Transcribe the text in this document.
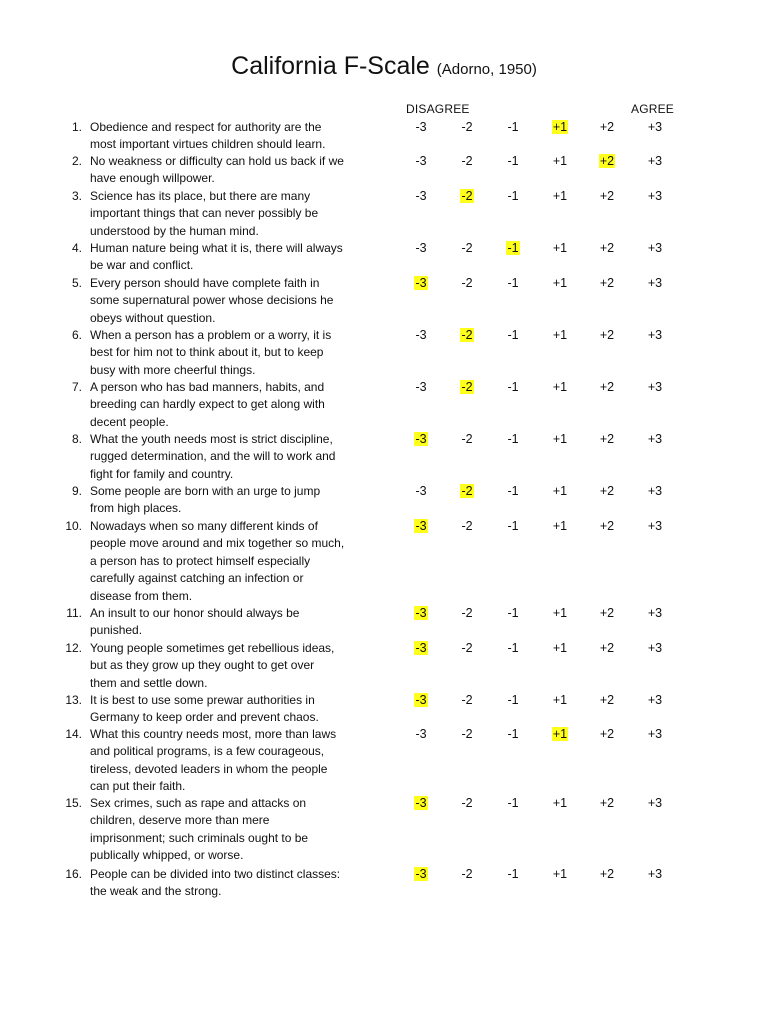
California F-Scale (Adorno, 1950)
DISAGREE	AGREE
1. Obedience and respect for authority are the
most important virtues children should learn.

-3	-2	-1	+1	+2	+3
2. No weakness or difficulty can hold us back if we
have enough willpower.

-3	-2	-1	+1	+2	+3
3. Science has its place, but there are many
important things that can never possibly be
understood by the human mind.

-3	-2	-1	+1	+2	+3
4. Human nature being what it is, there will always
be war and conflict.

-3	-2	-1	+1	+2	+3
5. Every person should have complete faith in
some supernatural power whose decisions he
obeys without question.

-3	-2	-1	+1	+2	+3
6. When a person has a problem or a worry, it is
best for him not to think about it, but to keep
busy with more cheerful things.

-3	-2	-1	+1	+2	+3
7. A person who has bad manners, habits, and
breeding can hardly expect to get along with
decent people.

-3	-2	-1	+1	+2	+3
8. What the youth needs most is strict discipline,
rugged determination, and the will to work and
fight for family and country.

-3	-2	-1	+1	+2	+3
9. Some people are born with an urge to jump
from high places.

-3	-2	-1	+1	+2	+3
10. Nowadays when so many different kinds of
people move around and mix together so much,
a person has to protect himself especially
carefully against catching an infection or
disease from them.

-3	-2	-1	+1	+2	+3
11. An insult to our honor should always be
punished.

-3	-2	-1	+1	+2	+3
12. Young people sometimes get rebellious ideas,
but as they grow up they ought to get over
them and settle down.

-3	-2	-1	+1	+2	+3
13. It is best to use some prewar authorities in
Germany to keep order and prevent chaos.

-3	-2	-1	+1	+2	+3
14. What this country needs most, more than laws
and political programs, is a few courageous,
tireless, devoted leaders in whom the people
can put their faith.

-3	-2	-1	+1	+2	+3
15. Sex crimes, such as rape and attacks on
children, deserve more than mere
imprisonment; such criminals ought to be
publically whipped, or worse.

-3	-2	-1	+1	+2	+3
16. People can be divided into two distinct classes:
the weak and the strong.

-3	-2	-1	+1	+2	+3
